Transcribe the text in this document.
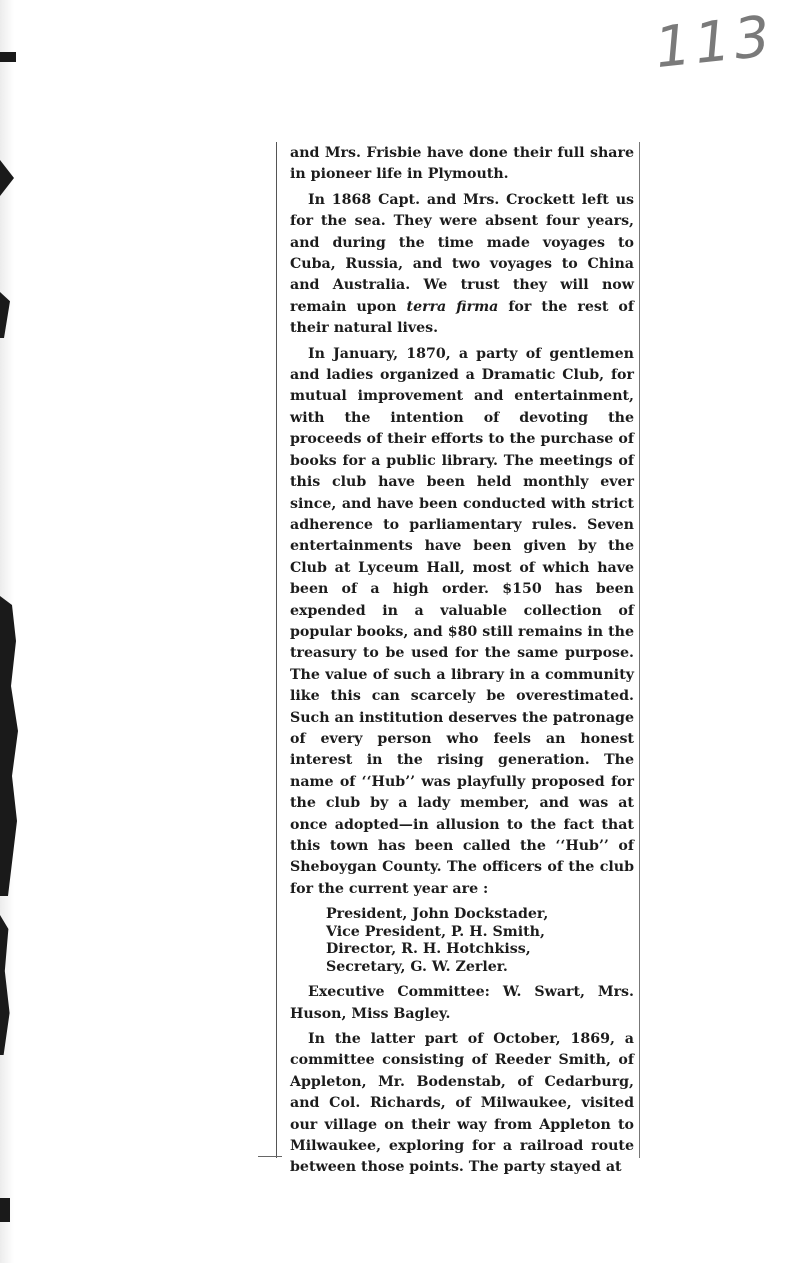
113

and Mrs. Frisbie have done their full share in pioneer life in Plymouth.

In 1868 Capt. and Mrs. Crockett left us for the sea. They were absent four years, and during the time made voyages to Cuba, Russia, and two voyages to China and Australia. We trust they will now remain upon terra firma for the rest of their natural lives.

In January, 1870, a party of gentlemen and ladies organized a Dramatic Club, for mutual improvement and entertainment, with the intention of devoting the proceeds of their efforts to the purchase of books for a public library. The meetings of this club have been held monthly ever since, and have been conducted with strict adherence to parliamentary rules. Seven entertainments have been given by the Club at Lyceum Hall, most of which have been of a high order. $150 has been expended in a valuable collection of popular books, and $80 still remains in the treasury to be used for the same purpose. The value of such a library in a community like this can scarcely be overestimated. Such an institution deserves the patronage of every person who feels an honest interest in the rising generation. The name of ‘‘Hub’’ was playfully proposed for the club by a lady member, and was at once adopted—in allusion to the fact that this town has been called the ‘‘Hub’’ of Sheboygan County. The officers of the club for the current year are :

President, John Dockstader,
Vice President, P. H. Smith,
Director, R. H. Hotchkiss,
Secretary, G. W. Zerler.

Executive Committee: W. Swart, Mrs. Huson, Miss Bagley.

In the latter part of October, 1869, a committee consisting of Reeder Smith, of Appleton, Mr. Bodenstab, of Cedarburg, and Col. Richards, of Milwaukee, visited our village on their way from Appleton to Milwaukee, exploring for a railroad route between those points. The party stayed at
